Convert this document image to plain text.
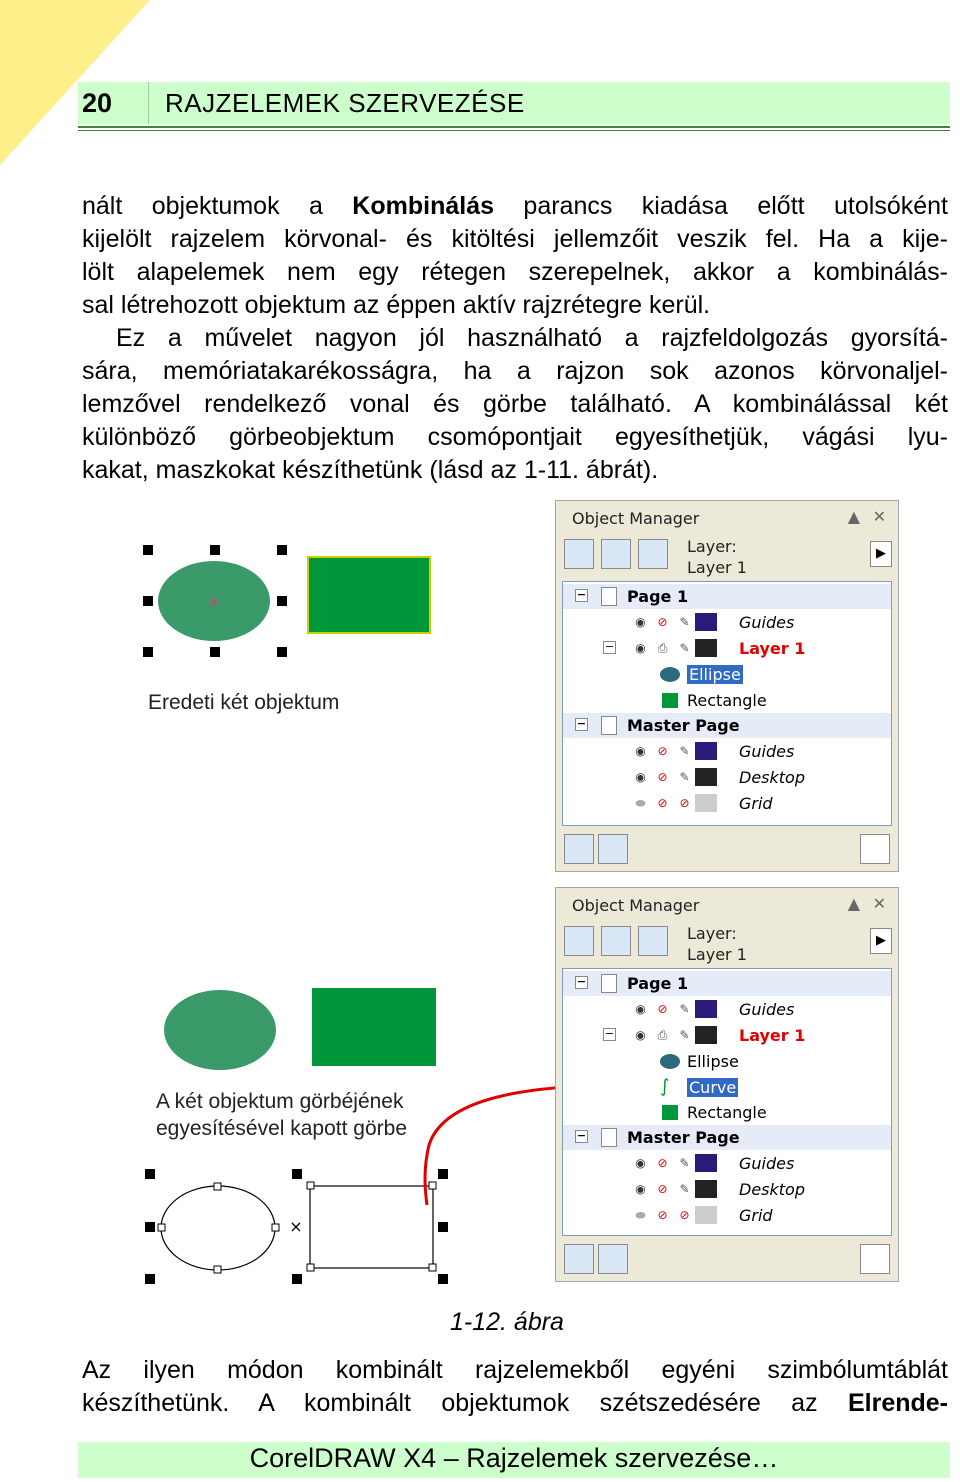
20 RAJZELEMEK SZERVEZÉSE
nált objektumok a Kombinálás parancs kiadása előtt utolsóként
kijelölt rajzelem körvonal- és kitöltési jellemzőit veszik fel. Ha a kije-
lölt alapelemek nem egy rétegen szerepelnek, akkor a kombinálás-
sal létrehozott objektum az éppen aktív rajzrétegre kerül.
Ez a művelet nagyon jól használható a rajzfeldolgozás gyorsítá-
sára, memóriatakarékosságra, ha a rajzon sok azonos körvonaljel-
lemzővel rendelkező vonal és görbe található. A kombinálással két
különböző görbeobjektum csomópontjait egyesíthetjük, vágási lyu-
kakat, maszkokat készíthetünk (lásd az 1-11. ábrát).
×
Eredeti két objektum
A két objektum görbéjének
egyesítésével kapott görbe
×
Object Manager	▲ ✕
Layer:
Layer 1
▶
−	Page 1
◉ ⊘ ✎	Guides
− ◉ ⎙ ✎	Layer 1
Ellipse
Rectangle
−	Master Page
◉ ⊘ ✎	Guides
◉ ⊘ ✎	Desktop
⬬ ⊘ ⊘	Grid
Object Manager	▲ ✕
Layer:
Layer 1
▶
−	Page 1
◉ ⊘ ✎	Guides
− ◉ ⎙ ✎	Layer 1
Ellipse
∫	Curve
Rectangle
−	Master Page
◉ ⊘ ✎	Guides
◉ ⊘ ✎	Desktop
⬬ ⊘ ⊘	Grid
1-12. ábra
Az ilyen módon kombinált rajzelemekből egyéni szimbólumtáblát
készíthetünk. A kombinált objektumok szétszedésére az Elrende-
CorelDRAW X4 – Rajzelemek szervezése…
